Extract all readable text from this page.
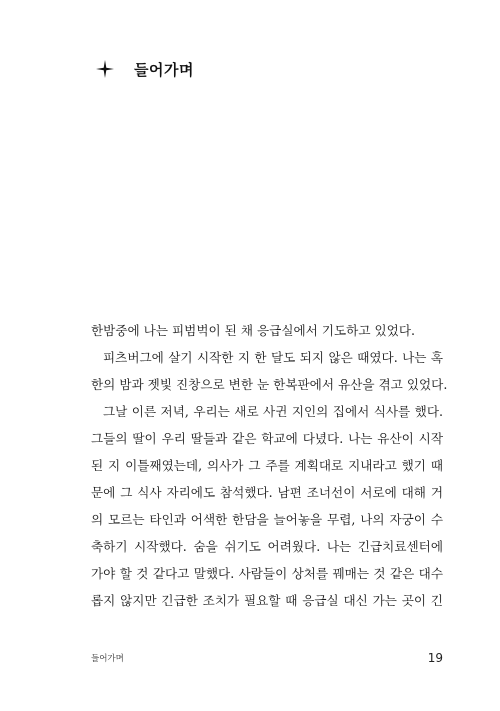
들어가며
한밤중에 나는 피범벅이 된 채 응급실에서 기도하고 있었다.
피츠버그에 살기 시작한 지 한 달도 되지 않은 때였다. 나는 혹
한의 밤과 젯빛 진창으로 변한 눈 한복판에서 유산을 겪고 있었다.
그날 이른 저녁, 우리는 새로 사귄 지인의 집에서 식사를 했다.
그들의 딸이 우리 딸들과 같은 학교에 다녔다. 나는 유산이 시작
된 지 이틀째였는데, 의사가 그 주를 계획대로 지내라고 했기 때
문에 그 식사 자리에도 참석했다. 남편 조너선이 서로에 대해 거
의 모르는 타인과 어색한 한담을 늘어놓을 무렵, 나의 자궁이 수
축하기 시작했다. 숨을 쉬기도 어려웠다. 나는 긴급치료센터에
가야 할 것 같다고 말했다. 사람들이 상처를 꿰매는 것 같은 대수
롭지 않지만 긴급한 조치가 필요할 때 응급실 대신 가는 곳이 긴
들어가며	19
